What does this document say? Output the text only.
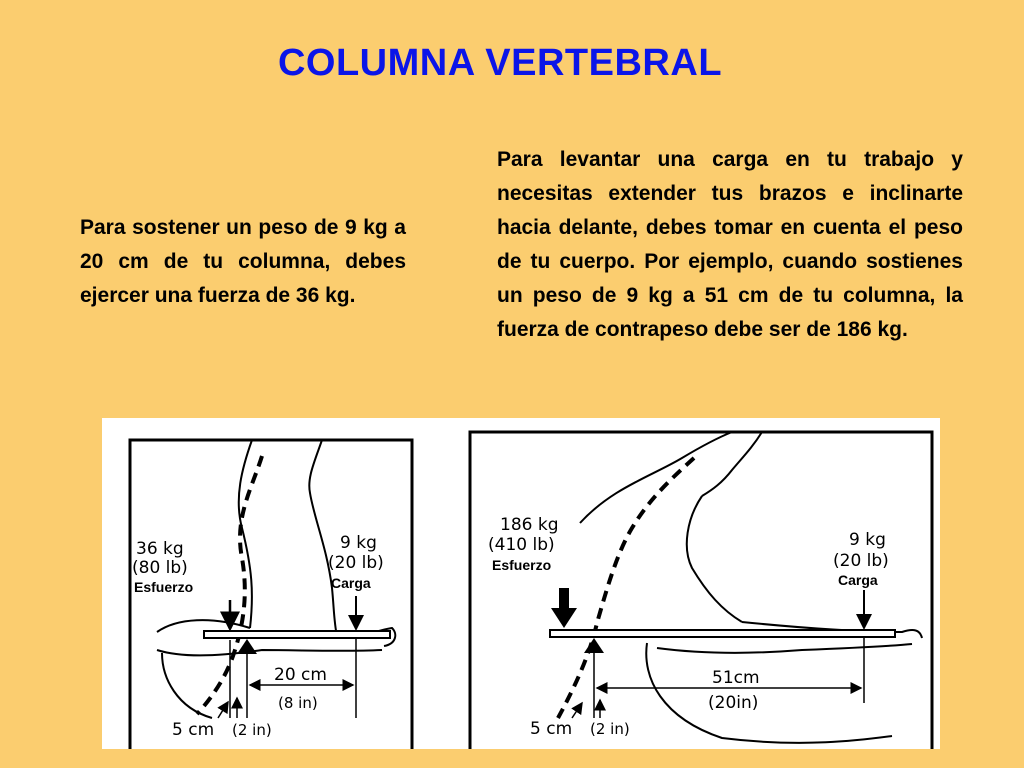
COLUMNA VERTEBRAL
Para sostener un peso de 9 kg a 20 cm de tu columna, debes ejercer una fuerza de 36 kg.
Para levantar una carga en tu trabajo y necesitas extender tus brazos e inclinarte hacia delante, debes tomar en cuenta el peso de tu cuerpo. Por ejemplo, cuando sostienes un peso de 9 kg a 51 cm de tu columna, la fuerza de contrapeso debe ser de 186 kg.
36 kg
(80 lb)
Esfuerzo
9 kg
(20 lb)
Carga
20 cm
(8 in)
5 cm (2 in)
186 kg
(410 lb)
Esfuerzo
9 kg
(20 lb)
Carga
51cm
(20in)
5 cm (2 in)
